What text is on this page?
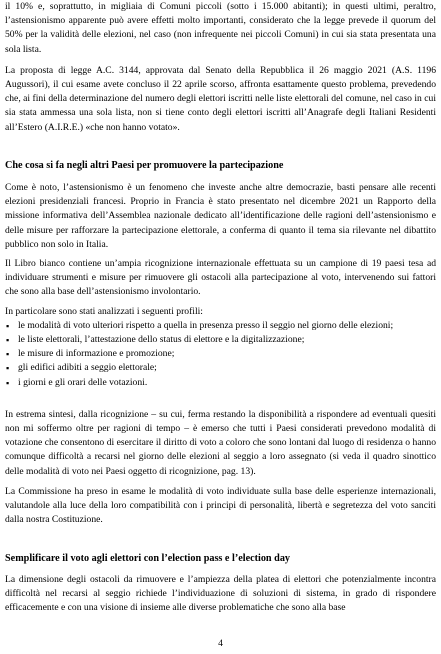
il 10% e, soprattutto, in migliaia di Comuni piccoli (sotto i 15.000 abitanti); in questi ultimi, peraltro, l’astensionismo apparente può avere effetti molto importanti, considerato che la legge prevede il quorum del 50% per la validità delle elezioni, nel caso (non infrequente nei piccoli Comuni) in cui sia stata presentata una sola lista.

La proposta di legge A.C. 3144, approvata dal Senato della Repubblica il 26 maggio 2021 (A.S. 1196 Augussori), il cui esame avete concluso il 22 aprile scorso, affronta esattamente questo problema, prevedendo che, ai fini della determinazione del numero degli elettori iscritti nelle liste elettorali del comune, nel caso in cui sia stata ammessa una sola lista, non si tiene conto degli elettori iscritti all’Anagrafe degli Italiani Residenti all’Estero (A.I.R.E.) «che non hanno votato».

Che cosa si fa negli altri Paesi per promuovere la partecipazione

Come è noto, l’astensionismo è un fenomeno che investe anche altre democrazie, basti pensare alle recenti elezioni presidenziali francesi. Proprio in Francia è stato presentato nel dicembre 2021 un Rapporto della missione informativa dell’Assemblea nazionale dedicato all’identificazione delle ragioni dell’astensionismo e delle misure per rafforzare la partecipazione elettorale, a conferma di quanto il tema sia rilevante nel dibattito pubblico non solo in Italia.

Il Libro bianco contiene un’ampia ricognizione internazionale effettuata su un campione di 19 paesi tesa ad individuare strumenti e misure per rimuovere gli ostacoli alla partecipazione al voto, intervenendo sui fattori che sono alla base dell’astensionismo involontario.

In particolare sono stati analizzati i seguenti profili:

▪ le modalità di voto ulteriori rispetto a quella in presenza presso il seggio nel giorno delle elezioni;
▪ le liste elettorali, l’attestazione dello status di elettore e la digitalizzazione;
▪ le misure di informazione e promozione;
▪ gli edifici adibiti a seggio elettorale;
▪ i giorni e gli orari delle votazioni.

In estrema sintesi, dalla ricognizione – su cui, ferma restando la disponibilità a rispondere ad eventuali quesiti non mi soffermo oltre per ragioni di tempo – è emerso che tutti i Paesi considerati prevedono modalità di votazione che consentono di esercitare il diritto di voto a coloro che sono lontani dal luogo di residenza o hanno comunque difficoltà a recarsi nel giorno delle elezioni al seggio a loro assegnato (si veda il quadro sinottico delle modalità di voto nei Paesi oggetto di ricognizione, pag. 13).

La Commissione ha preso in esame le modalità di voto individuate sulla base delle esperienze internazionali, valutandole alla luce della loro compatibilità con i principi di personalità, libertà e segretezza del voto sanciti dalla nostra Costituzione.

Semplificare il voto agli elettori con l’election pass e l’election day

La dimensione degli ostacoli da rimuovere e l’ampiezza della platea di elettori che potenzialmente incontra difficoltà nel recarsi al seggio richiede l’individuazione di soluzioni di sistema, in grado di rispondere efficacemente e con una visione di insieme alle diverse problematiche che sono alla base

4
